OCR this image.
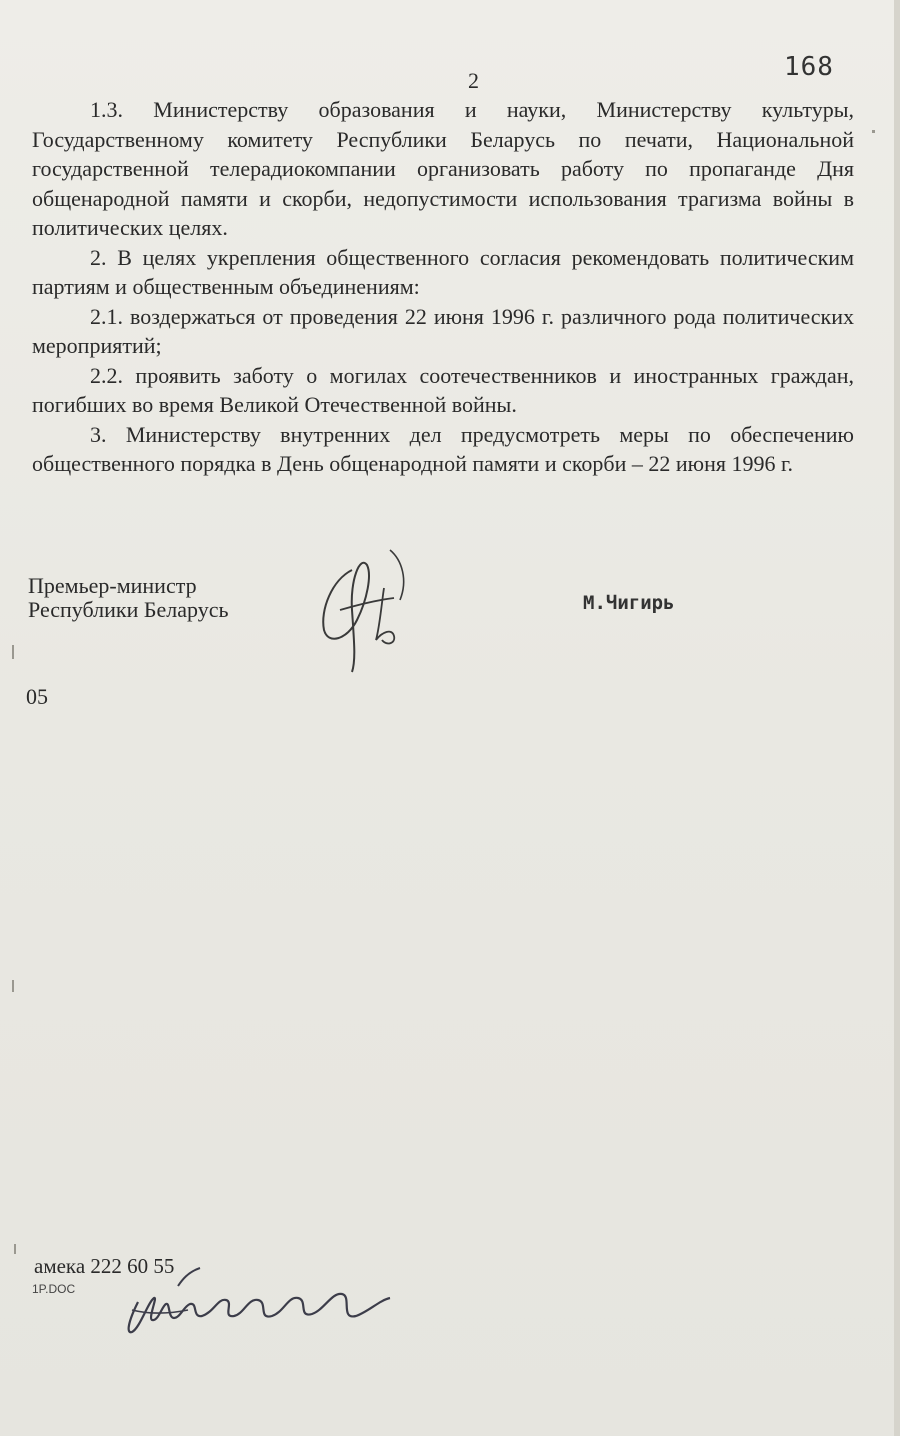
168
2

1.3. Министерству образования и науки, Министерству культуры, Государственному комитету Республики Беларусь по печати, Национальной государственной телерадиокомпании организовать работу по пропаганде Дня общенародной памяти и скорби, недопустимости использования трагизма войны в политических целях.

2. В целях укрепления общественного согласия рекомендовать политическим партиям и общественным объединениям:

2.1. воздержаться от проведения 22 июня 1996 г. различного рода политических мероприятий;

2.2. проявить заботу о могилах соотечественников и иностранных граждан, погибших во время Великой Отечественной войны.

3. Министерству внутренних дел предусмотреть меры по обеспечению общественного порядка в День общенародной памяти и скорби – 22 июня 1996 г.

Премьер-министр
Республики Беларусь	М.Чигирь
05
амека 222 60 55
1P.DOC
